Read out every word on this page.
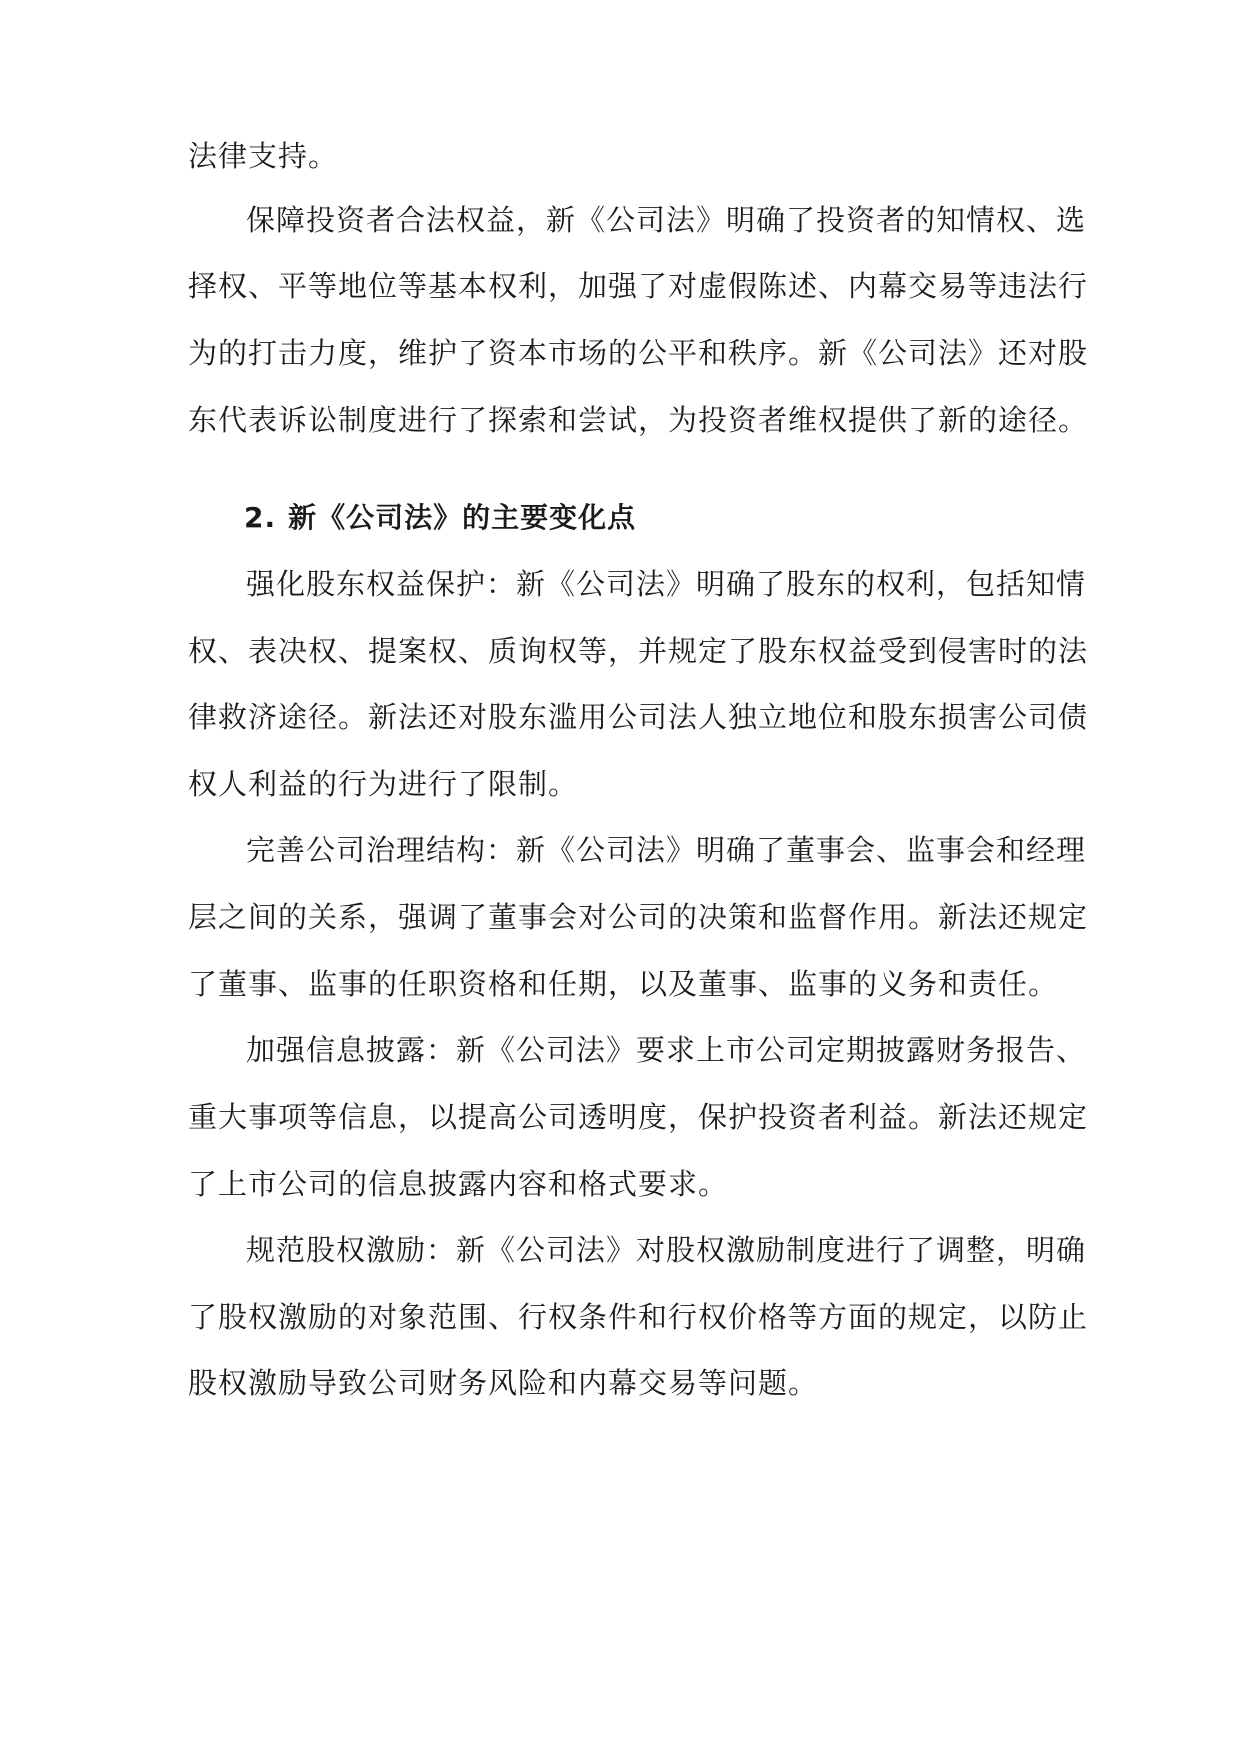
法律支持。
保障投资者合法权益，新《公司法》明确了投资者的知情权、选
择权、平等地位等基本权利，加强了对虚假陈述、内幕交易等违法行
为的打击力度，维护了资本市场的公平和秩序。新《公司法》还对股
东代表诉讼制度进行了探索和尝试，为投资者维权提供了新的途径。
2. 新《公司法》的主要变化点
强化股东权益保护：新《公司法》明确了股东的权利，包括知情
权、表决权、提案权、质询权等，并规定了股东权益受到侵害时的法
律救济途径。新法还对股东滥用公司法人独立地位和股东损害公司债
权人利益的行为进行了限制。
完善公司治理结构：新《公司法》明确了董事会、监事会和经理
层之间的关系，强调了董事会对公司的决策和监督作用。新法还规定
了董事、监事的任职资格和任期，以及董事、监事的义务和责任。
加强信息披露：新《公司法》要求上市公司定期披露财务报告、
重大事项等信息，以提高公司透明度，保护投资者利益。新法还规定
了上市公司的信息披露内容和格式要求。
规范股权激励：新《公司法》对股权激励制度进行了调整，明确
了股权激励的对象范围、行权条件和行权价格等方面的规定，以防止
股权激励导致公司财务风险和内幕交易等问题。
